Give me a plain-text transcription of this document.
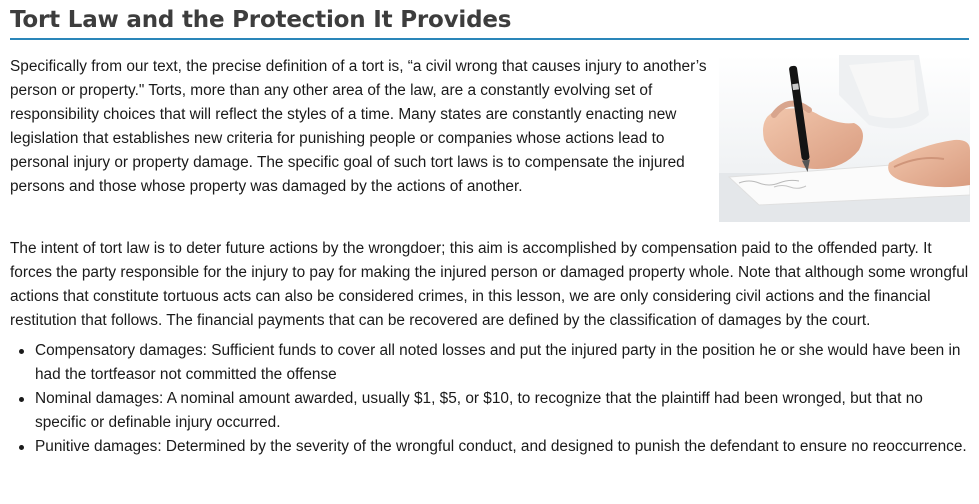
Tort Law and the Protection It Provides

Specifically from our text, the precise definition of a tort is, “a civil wrong that causes injury to another’s person or property." Torts, more than any other area of the law, are a constantly evolving set of responsibility choices that will reflect the styles of a time. Many states are constantly enacting new legislation that establishes new criteria for punishing people or companies whose actions lead to personal injury or property damage. The specific goal of such tort laws is to compensate the injured persons and those whose property was damaged by the actions of another.

The intent of tort law is to deter future actions by the wrongdoer; this aim is accomplished by compensation paid to the offended party. It forces the party responsible for the injury to pay for making the injured person or damaged property whole. Note that although some wrongful actions that constitute tortuous acts can also be considered crimes, in this lesson, we are only considering civil actions and the financial restitution that follows. The financial payments that can be recovered are defined by the classification of damages by the court.

Compensatory damages: Sufficient funds to cover all noted losses and put the injured party in the position he or she would have been in had the tortfeasor not committed the offense
Nominal damages: A nominal amount awarded, usually $1, $5, or $10, to recognize that the plaintiff had been wronged, but that no specific or definable injury occurred.
Punitive damages: Determined by the severity of the wrongful conduct, and designed to punish the defendant to ensure no reoccurrence.
